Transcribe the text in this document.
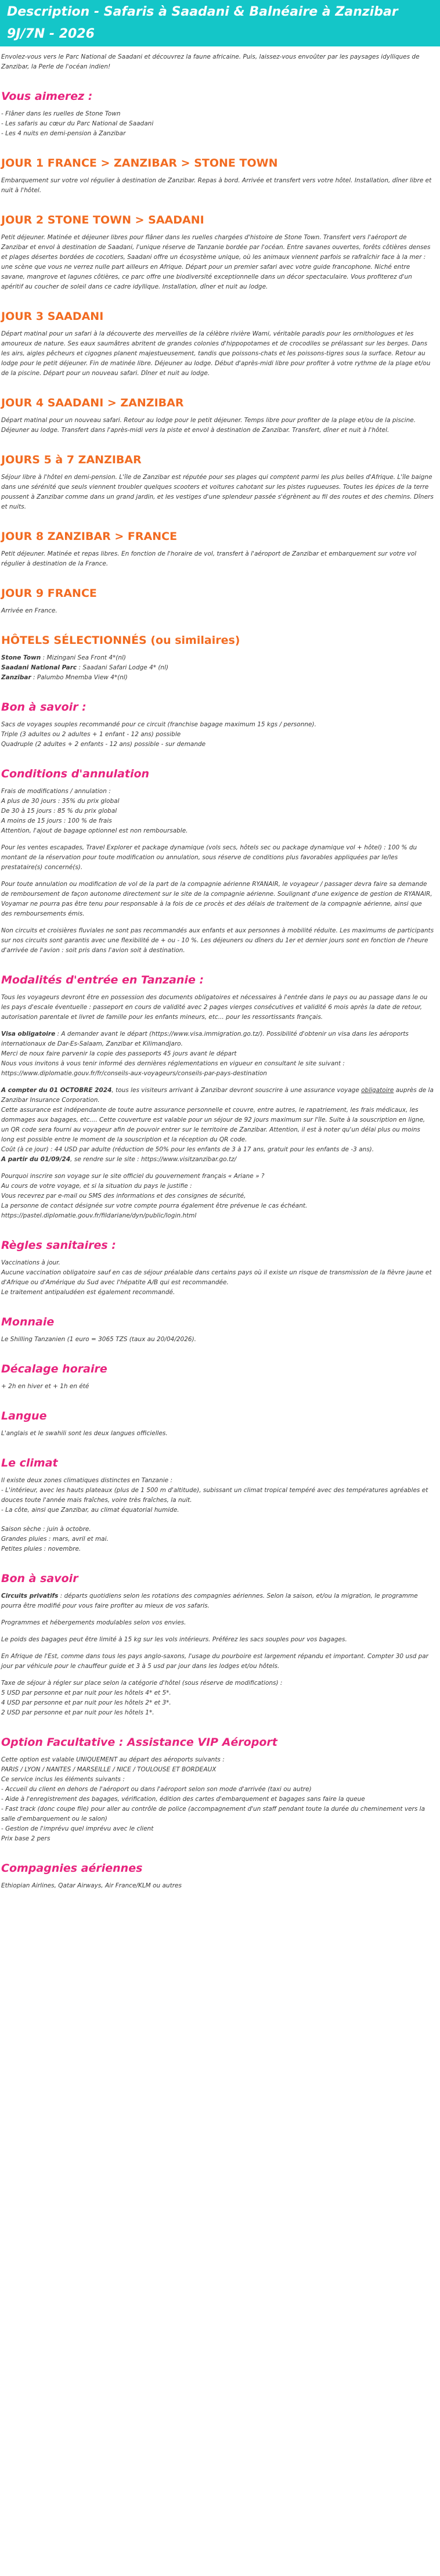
Description - Safaris à Saadani & Balnéaire à Zanzibar 9J/7N - 2026

Envolez-vous vers le Parc National de Saadani et découvrez la faune africaine. Puis, laissez-vous envoûter par les paysages idylliques de Zanzibar, la Perle de l'océan indien!

Vous aimerez :
- Flâner dans les ruelles de Stone Town
- Les safaris au cœur du Parc National de Saadani
- Les 4 nuits en demi-pension à Zanzibar
JOUR 1 FRANCE > ZANZIBAR > STONE TOWN

Embarquement sur votre vol régulier à destination de Zanzibar. Repas à bord. Arrivée et transfert vers votre hôtel. Installation, dîner libre et nuit à l'hôtel.

JOUR 2 STONE TOWN > SAADANI

Petit déjeuner. Matinée et déjeuner libres pour flâner dans les ruelles chargées d'histoire de Stone Town. Transfert vers l'aéroport de Zanzibar et envol à destination de Saadani, l'unique réserve de Tanzanie bordée par l'océan. Entre savanes ouvertes, forêts côtières denses et plages désertes bordées de cocotiers, Saadani offre un écosystème unique, où les animaux viennent parfois se rafraîchir face à la mer : une scène que vous ne verrez nulle part ailleurs en Afrique. Départ pour un premier safari avec votre guide francophone. Niché entre savane, mangrove et lagunes côtières, ce parc offre une biodiversité exceptionnelle dans un décor spectaculaire. Vous profiterez d'un apéritif au coucher de soleil dans ce cadre idyllique. Installation, dîner et nuit au lodge.

JOUR 3 SAADANI

Départ matinal pour un safari à la découverte des merveilles de la célèbre rivière Wami, véritable paradis pour les ornithologues et les amoureux de nature. Ses eaux saumâtres abritent de grandes colonies d'hippopotames et de crocodiles se prélassant sur les berges. Dans les airs, aigles pêcheurs et cigognes planent majestueusement, tandis que poissons-chats et les poissons-tigres sous la surface. Retour au lodge pour le petit déjeuner. Fin de matinée libre. Déjeuner au lodge. Début d'après-midi libre pour profiter à votre rythme de la plage et/ou de la piscine. Départ pour un nouveau safari. Dîner et nuit au lodge.

JOUR 4 SAADANI > ZANZIBAR

Départ matinal pour un nouveau safari. Retour au lodge pour le petit déjeuner. Temps libre pour profiter de la plage et/ou de la piscine. Déjeuner au lodge. Transfert dans l'après-midi vers la piste et envol à destination de Zanzibar. Transfert, dîner et nuit à l'hôtel.

JOURS 5 à 7 ZANZIBAR

Séjour libre à l'hôtel en demi-pension. L'île de Zanzibar est réputée pour ses plages qui comptent parmi les plus belles d'Afrique. L'île baigne dans une sérénité que seuls viennent troubler quelques scooters et voitures cahotant sur les pistes rugueuses. Toutes les épices de la terre poussent à Zanzibar comme dans un grand jardin, et les vestiges d'une splendeur passée s'égrènent au fil des routes et des chemins. Dîners et nuits.

JOUR 8 ZANZIBAR > FRANCE

Petit déjeuner. Matinée et repas libres. En fonction de l'horaire de vol, transfert à l'aéroport de Zanzibar et embarquement sur votre vol régulier à destination de la France.

JOUR 9 FRANCE

Arrivée en France.

HÔTELS SÉLECTIONNÉS (ou similaires)
Stone Town : Mizingani Sea Front 4*(nl)
Saadani National Parc : Saadani Safari Lodge 4* (nl)
Zanzibar : Palumbo Mnemba View 4*(nl)
Bon à savoir :
Sacs de voyages souples recommandé pour ce circuit (franchise bagage maximum 15 kgs / personne).
Triple (3 adultes ou 2 adultes + 1 enfant - 12 ans) possible
Quadruple (2 adultes + 2 enfants - 12 ans) possible - sur demande
Conditions d'annulation
Frais de modifications / annulation :
A plus de 30 jours : 35% du prix global
De 30 à 15 jours : 85 % du prix global
A moins de 15 jours : 100 % de frais
Attention, l'ajout de bagage optionnel est non remboursable.

Pour les ventes escapades, Travel Explorer et package dynamique (vols secs, hôtels sec ou package dynamique vol + hôtel) : 100 % du montant de la réservation pour toute modification ou annulation, sous réserve de conditions plus favorables appliquées par le/les prestataire(s) concerné(s).

Pour toute annulation ou modification de vol de la part de la compagnie aérienne RYANAIR, le voyageur / passager devra faire sa demande de remboursement de façon autonome directement sur le site de la compagnie aérienne. Soulignant d'une exigence de gestion de RYANAIR, Voyamar ne pourra pas être tenu pour responsable à la fois de ce procès et des délais de traitement de la compagnie aérienne, ainsi que des remboursements émis.

Non circuits et croisières fluviales ne sont pas recommandés aux enfants et aux personnes à mobilité réduite. Les maximums de participants sur nos circuits sont garantis avec une flexibilité de + ou - 10 %. Les déjeuners ou dîners du 1er et dernier jours sont en fonction de l'heure d'arrivée de l'avion : soit pris dans l'avion soit à destination.

Modalités d'entrée en Tanzanie :

Tous les voyageurs devront être en possession des documents obligatoires et nécessaires à l'entrée dans le pays ou au passage dans le ou les pays d'escale éventuelle : passeport en cours de validité avec 2 pages vierges consécutives et validité 6 mois après la date de retour, autorisation parentale et livret de famille pour les enfants mineurs, etc... pour les ressortissants français.

Visa obligatoire : A demander avant le départ (https://www.visa.immigration.go.tz/). Possibilité d'obtenir un visa dans les aéroports internationaux de Dar-Es-Salaam, Zanzibar et Kilimandjaro.
Merci de noux faire parvenir la copie des passeports 45 jours avant le départ
Nous vous invitons à vous tenir informé des dernières réglementations en vigueur en consultant le site suivant : https://www.diplomatie.gouv.fr/fr/conseils-aux-voyageurs/conseils-par-pays-destination

A compter du 01 OCTOBRE 2024, tous les visiteurs arrivant à Zanzibar devront souscrire à une assurance voyage obligatoire auprès de la Zanzibar Insurance Corporation.
Cette assurance est indépendante de toute autre assurance personnelle et couvre, entre autres, le rapatriement, les frais médicaux, les dommages aux bagages, etc.... Cette couverture est valable pour un séjour de 92 jours maximum sur l'île. Suite à la souscription en ligne, un QR code sera fourni au voyageur afin de pouvoir entrer sur le territoire de Zanzibar. Attention, il est à noter qu'un délai plus ou moins long est possible entre le moment de la souscription et la réception du QR code.
Coût (à ce jour) : 44 USD par adulte (réduction de 50% pour les enfants de 3 à 17 ans, gratuit pour les enfants de -3 ans).
A partir du 01/09/24, se rendre sur le site : https://www.visitzanzibar.go.tz/

Pourquoi inscrire son voyage sur le site officiel du gouvernement français « Ariane » ?
Au cours de votre voyage, et si la situation du pays le justifie :
Vous recevrez par e-mail ou SMS des informations et des consignes de sécurité,
La personne de contact désignée sur votre compte pourra également être prévenue le cas échéant.
https://pastel.diplomatie.gouv.fr/fildariane/dyn/public/login.html

Règles sanitaires :
Vaccinations à jour.
Aucune vaccination obligatoire sauf en cas de séjour préalable dans certains pays où il existe un risque de transmission de la fièvre jaune et d'Afrique ou d'Amérique du Sud avec l'hépatite A/B qui est recommandée.
Le traitement antipaludéen est également recommandé.
Monnaie

Le Shilling Tanzanien (1 euro = 3065 TZS (taux au 20/04/2026).

Décalage horaire

+ 2h en hiver et + 1h en été

Langue

L'anglais et le swahili sont les deux langues officielles.

Le climat
Il existe deux zones climatiques distinctes en Tanzanie :
- L'intérieur, avec les hauts plateaux (plus de 1 500 m d'altitude), subissant un climat tropical tempéré avec des températures agréables et douces toute l'année mais fraîches, voire très fraîches, la nuit.
- La côte, ainsi que Zanzibar, au climat équatorial humide.
Saison sèche : juin à octobre.
Grandes pluies : mars, avril et mai.
Petites pluies : novembre.
Bon à savoir

Circuits privatifs : départs quotidiens selon les rotations des compagnies aériennes. Selon la saison, et/ou la migration, le programme pourra être modifié pour vous faire profiter au mieux de vos safaris.

Programmes et hébergements modulables selon vos envies.

Le poids des bagages peut être limité à 15 kg sur les vols intérieurs. Préférez les sacs souples pour vos bagages.

En Afrique de l'Est, comme dans tous les pays anglo-saxons, l'usage du pourboire est largement répandu et important. Compter 30 usd par jour par véhicule pour le chauffeur guide et 3 à 5 usd par jour dans les lodges et/ou hôtels.

Taxe de séjour à régler sur place selon la catégorie d'hôtel (sous réserve de modifications) :
5 USD par personne et par nuit pour les hôtels 4* et 5*.
4 USD par personne et par nuit pour les hôtels 2* et 3*.
2 USD par personne et par nuit pour les hôtels 1*.

Option Facultative : Assistance VIP Aéroport
Cette option est valable UNIQUEMENT au départ des aéroports suivants :
PARIS / LYON / NANTES / MARSEILLE / NICE / TOULOUSE ET BORDEAUX
Ce service inclus les éléments suivants :
- Accueil du client en dehors de l'aéroport ou dans l'aéroport selon son mode d'arrivée (taxi ou autre)
- Aide à l'enregistrement des bagages, vérification, édition des cartes d'embarquement et bagages sans faire la queue
- Fast track (donc coupe file) pour aller au contrôle de police (accompagnement d'un staff pendant toute la durée du cheminement vers la salle d'embarquement ou le salon)
- Gestion de l'imprévu quel imprévu avec le client
Prix base 2 pers
Compagnies aériennes

Ethiopian Airlines, Qatar Airways, Air France/KLM ou autres
